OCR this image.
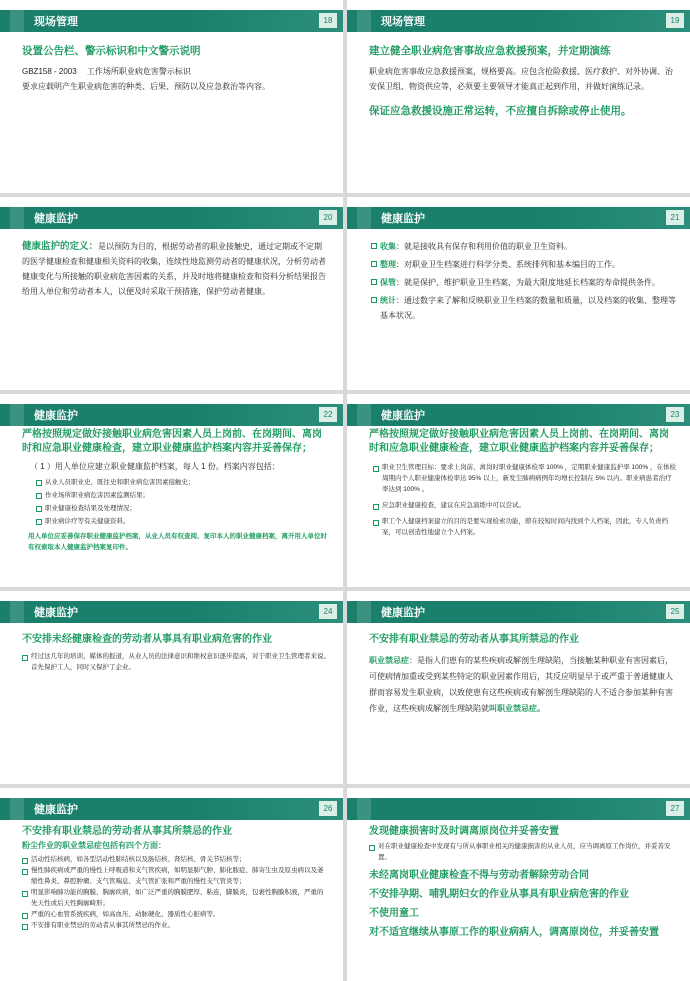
现场管理	18
设置公告栏、警示标识和中文警示说明
GBZ158 - 2003　 工作场所职业病危害警示标识
要求应载明产生职业病危害的种类、后果、预防以及应急救治等内容。
现场管理	19
建立健全职业病危害事故应急救援预案，并定期演练
职业病危害事故应急救援预案，规格要高。应包含抢险救援、医疗救护、对外协调、治安保卫组、物资供应等，必须要主要领导才能真正起到作用，并做好演练记录。
保证应急救援设施正常运转，不应擅自拆除或停止使用。
健康监护	20
健康监护的定义：是以预防为目的，根据劳动者的职业接触史，通过定期或不定期的医学健康检查和健康相关资料的收集，连续性地监测劳动者的健康状况，分析劳动者健康变化与所接触的职业病危害因素的关系，并及时地将健康检查和资料分析结果报告给用人单位和劳动者本人，以便及时采取干预措施，保护劳动者健康。
健康监护	21
收集：就是接收具有保存和利用价值的职业卫生资料。
整理：对职业卫生档案进行科学分类、系统排列和基本编目的工作。
保管：就是保护、维护职业卫生档案，为最大限度地延长档案的寿命提供条件。
统计：通过数字来了解和反映职业卫生档案的数量和质量，以及档案的收集、整理等基本状况。
健康监护	22
严格按照规定做好接触职业病危害因素人员上岗前、在岗期间、离岗时和应急职业健康检查，建立职业健康监护档案内容并妥善保存；
（ 1 ）用人单位应建立职业健康监护档案，每人 1 份。档案内容包括：
从业人员职业史、既往史和职业病危害因素接触史；
作业场所职业病危害因素监测结果；
职业健康检查结果及处理情况；
职业病诊疗等有关健康资料。
用人单位应妥善保存职业健康监护档案，从业人员有权查阅、复印本人的职业健康档案，离开用人单位时有权索取本人健康监护档案复印件。
健康监护	23
严格按照规定做好接触职业病危害因素人员上岗前、在岗期间、离岗时和应急职业健康检查，建立职业健康监护档案内容并妥善保存；
职业卫生管理目标：要求上岗前、离岗时职业健康体检率 100% ，定期职业健康监护率 100% ，在体检周期内个人职业健康体检率达 95% 以上，新发尘肺病病例年均增长控制在 5% 以内。职业病患者治疗率达到 100% 。
应急职业健康检查，建议在应急演练中可以尝试。
职工个人健康档案建立的目的是要实现检索功能，即在较短时间内找到个人档案，因此，专人负责档案，可以创造性地建立个人档案。
健康监护	24
不安排未经健康检查的劳动者从事具有职业病危害的作业
经过这几年的培训，媒体的报道，从业人员的法律意识和维权意识逐步提高，对于职业卫生管理者来说。　首先保护工人，同时又保护了企业。
健康监护	25
不安排有职业禁忌的劳动者从事其所禁忌的作业
职业禁忌症：是指人们患有的某些疾病或解剖生理缺陷，当接触某种职业有害因素后，可使病情加重或受到某些特定的职业因素作用后，其反应明显早于或严重于普通健康人群而容易发生职业病，以致使患有这些疾病或有解剖生理缺陷的人不适合参加某种有害作业，这些疾病成解剖生理缺陷就叫职业禁忌症。
健康监护	26
不安排有职业禁忌的劳动者从事其所禁忌的作业
粉尘作业的职业禁忌症包括有四个方面：
活动性结核病，如各型活动性肺结核以及肠结核、肾结核、骨关节结核等；
慢性肺疾病或严重的慢性上呼吸道和支气管疾病，如明显肺气肿、肺化脓症、肺寄生虫及原虫病以及萎缩性鼻炎、鼻腔肿瘤、支气管喘息、支气管扩张和严重的慢性支气管炎等；
明显影响肺功能的胸膜、胸廓疾病，如广泛严重的胸膜肥厚、粘连，脚膜炎，包裹性胸膜积液，严重的先天性或后天性胸廓畸形；
严重的心血管系统疾病，如高血压、动脉硬化、器质性心脏病等。
不安排有职业禁忌的劳动者从事其所禁忌的作业。
27
发现健康损害时及时调离原岗位并妥善安置
对在职业健康检查中发现有与所从事职业相关的健康损害的从业人员，应当调离原工作岗位，并妥善安置。
未经离岗职业健康检查不得与劳动者解除劳动合同
不安排孕期、哺乳期妇女的作业从事具有职业病危害的作业
不使用童工
对不适宜继续从事原工作的职业病病人，调离原岗位，并妥善安置
